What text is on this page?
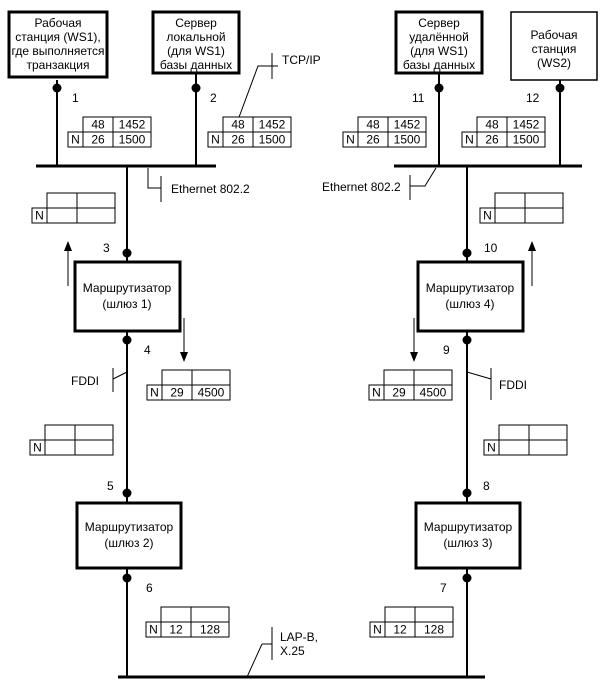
Рабочая
станция (WS1),
где выполняется
транзакция
Сервер
локальной
(для WS1)
базы данных
Сервер
удалённой
(для WS1)
базы данных
Рабочая
станция
(WS2)
Маршрутизатор
(шлюз 1)
Маршрутизатор
(шлюз 4)
Маршрутизатор
(шлюз 2)
Маршрутизатор
(шлюз 3)
1	2	11	12
3	10
4	9
5	8
6	7
TCP/IP
Ethernet 802.2	Ethernet 802.2
FDDI	FDDI
LAP-B,
X.25
48 1452
N 26 1500
48 1452
N 26 1500
48 1452
N 26 1500
48 1452
N 26 1500
N	N
N 29 4500	N 29 4500
N	N
N 12 128	N 12 128
